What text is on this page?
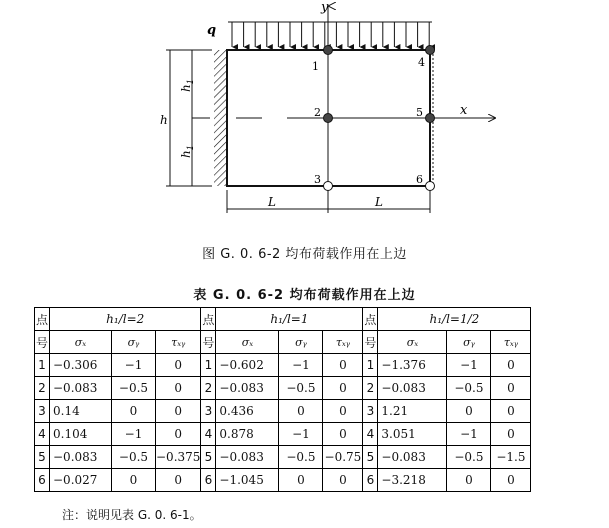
q
y
x
h
$h_1$
$h_1$
L	L
1
2
3
4
5
6
图 G. 0. 6-2 均布荷载作用在上边
表 G. 0. 6-2 均布荷载作用在上边
点	h₁/l=2			点	h₁/l=1			点	h₁/l=1/2		
号	σₓ	σᵧ	τₓᵧ	号	σₓ	σᵧ	τₓᵧ	号	σₓ	σᵧ	τₓᵧ
1	−0.306	−1	0	1	−0.602	−1	0	1	−1.376	−1	0
2	−0.083	−0.5	0	2	−0.083	−0.5	0	2	−0.083	−0.5	0
3	0.14	0	0	3	0.436	0	0	3	1.21	0	0
4	0.104	−1	0	4	0.878	−1	0	4	3.051	−1	0
5	−0.083	−0.5	−0.375	5	−0.083	−0.5	−0.75	5	−0.083	−0.5	−1.5
6	−0.027	0	0	6	−1.045	0	0	6	−3.218	0	0
注：说明见表 G. 0. 6-1。
